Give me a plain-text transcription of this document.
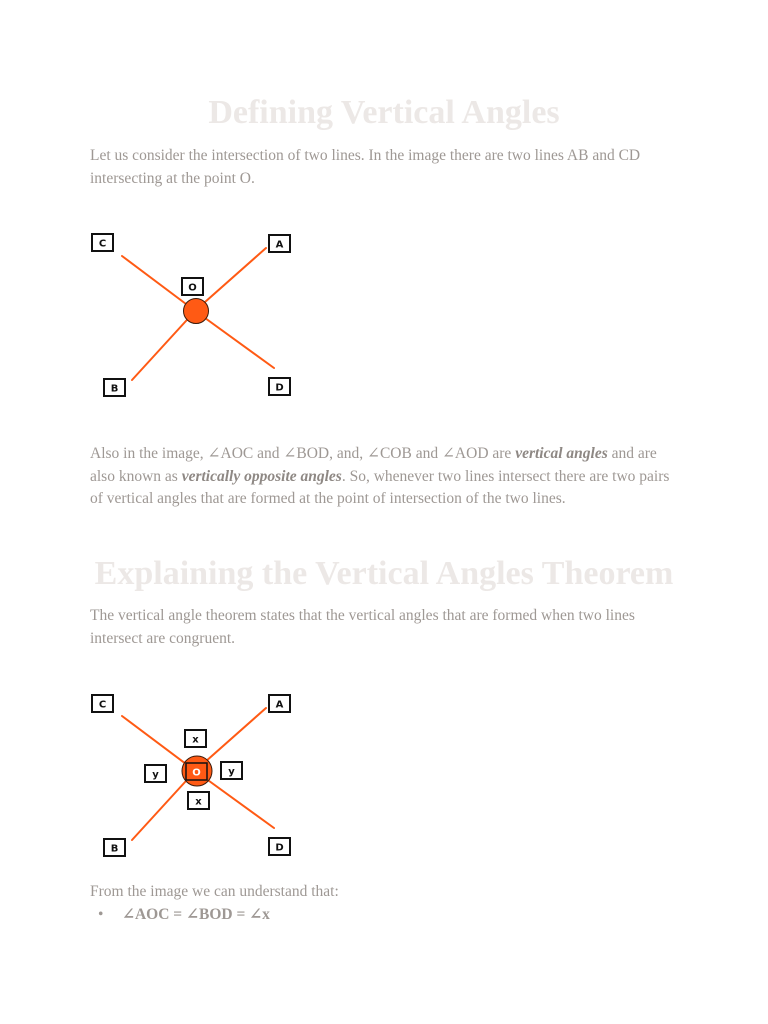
Defining Vertical Angles

Let us consider the intersection of two lines. In the image there are two lines AB and CD intersecting at the point O.

C	A
O
B	D

Also in the image, ∠AOC and ∠BOD, and, ∠COB and ∠AOD are vertical angles and are also known as vertically opposite angles. So, whenever two lines intersect there are two pairs of vertical angles that are formed at the point of intersection of the two lines.

Explaining the Vertical Angles Theorem

The vertical angle theorem states that the vertical angles that are formed when two lines intersect are congruent.

C	A
x
y	O	y
x
B	D

From the image we can understand that:

• ∠AOC = ∠BOD = ∠x
